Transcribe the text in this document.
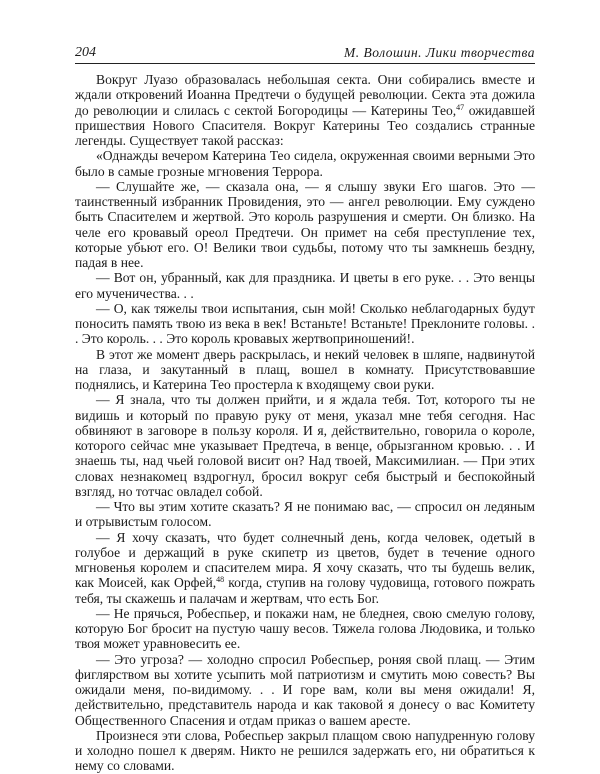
204	М. Волошин. Лики творчества

Вокруг Луазо образовалась небольшая секта. Они собирались вместе и ждали откровений Иоанна Предтечи о будущей революции. Секта эта дожила до революции и слилась с сектой Богородицы — Катерины Тео,$^{47}$ ожидавшей пришествия Нового Спасителя. Вокруг Катерины Тео создались странные легенды. Существует такой рассказ:

«Однажды вечером Катерина Тео сидела, окруженная своими верными Это было в самые грозные мгновения Террора.

— Слушайте же, — сказала она, — я слышу звуки Его шагов. Это — таинственный избранник Провидения, это — ангел революции. Ему суждено быть Спасителем и жертвой. Это король разрушения и смерти. Он близко. На челе его кровавый ореол Предтечи. Он примет на себя преступление тех, которые убьют его. О! Велики твои судьбы, потому что ты замкнешь бездну, падая в нее.

— Вот он, убранный, как для праздника. И цветы в его руке. . . Это венцы его мученичества. . .

— О, как тяжелы твои испытания, сын мой! Сколько неблагодарных будут поносить память твою из века в век! Встаньте! Встаньте! Преклоните головы. . . Это король. . . Это король кровавых жертвоприношений!.

В этот же момент дверь раскрылась, и некий человек в шляпе, надвинутой на глаза, и закутанный в плащ, вошел в комнату. Присутствовавшие поднялись, и Катерина Тео простерла к входящему свои руки.

— Я знала, что ты должен прийти, и я ждала тебя. Тот, которого ты не видишь и который по правую руку от меня, указал мне тебя сегодня. Нас обвиняют в заговоре в пользу короля. И я, действительно, говорила о короле, которого сейчас мне указывает Предтеча, в венце, обрызганном кровью. . . И знаешь ты, над чьей головой висит он? Над твоей, Максимилиан. — При этих словах незнакомец вздрогнул, бросил вокруг себя быстрый и беспокойный взгляд, но тотчас овладел собой.

— Что вы этим хотите сказать? Я не понимаю вас, — спросил он ледяным и отрывистым голосом.

— Я хочу сказать, что будет солнечный день, когда человек, одетый в голубое и держащий в руке скипетр из цветов, будет в течение одного мгновенья королем и спасителем мира. Я хочу сказать, что ты будешь велик, как Моисей, как Орфей,$^{48}$ когда, ступив на голову чудовища, готового пожрать тебя, ты скажешь и палачам и жертвам, что есть Бог.

— Не прячься, Робеспьер, и покажи нам, не бледнея, свою смелую голову, которую Бог бросит на пустую чашу весов. Тяжела голова Людовика, и только твоя может уравновесить ее.

— Это угроза? — холодно спросил Робеспьер, роняя свой плащ. — Этим фиглярством вы хотите усыпить мой патриотизм и смутить мою совесть? Вы ожидали меня, по-видимому. . . И горе вам, коли вы меня ожидали! Я, действительно, представитель народа и как таковой я донесу о вас Комитету Общественного Спасения и отдам приказ о вашем аресте.

Произнеся эти слова, Робеспьер закрыл плащом свою напудренную голову и холодно пошел к дверям. Никто не решился задержать его, ни обратиться к нему со словами.
